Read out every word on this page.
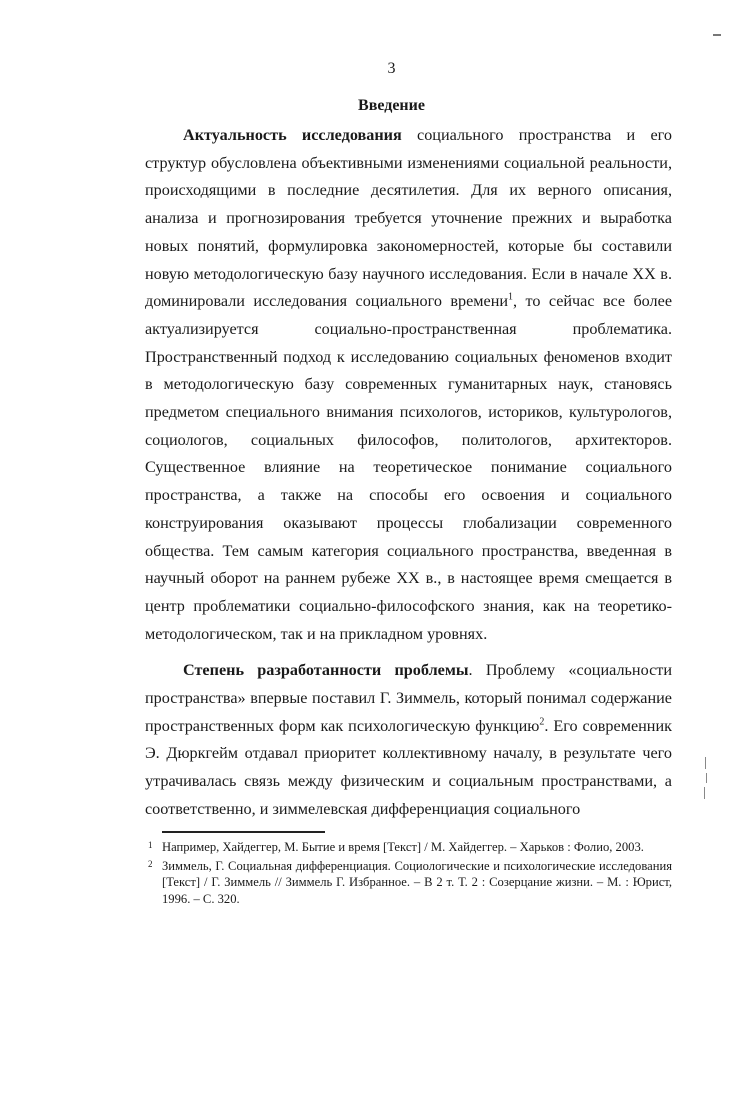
3
Введение

Актуальность исследования социального пространства и его структур обусловлена объективными изменениями социальной реальности, происходящими в последние десятилетия. Для их верного описания, анализа и прогнозирования требуется уточнение прежних и выработка новых понятий, формулировка закономерностей, которые бы составили новую методологическую базу научного исследования. Если в начале XX в. доминировали исследования социального времени$^1$, то сейчас все более актуализируется социально-пространственная проблематика. Пространственный подход к исследованию социальных феноменов входит в методологическую базу современных гуманитарных наук, становясь предметом специального внимания психологов, историков, культурологов, социологов, социальных философов, политологов, архитекторов. Существенное влияние на теоретическое понимание социального пространства, а также на способы его освоения и социального конструирования оказывают процессы глобализации современного общества. Тем самым категория социального пространства, введенная в научный оборот на раннем рубеже XX в., в настоящее время смещается в центр проблематики социально-философского знания, как на теоретико-методологическом, так и на прикладном уровнях.

Степень разработанности проблемы. Проблему «социальности пространства» впервые поставил Г. Зиммель, который понимал содержание пространственных форм как психологическую функцию$^2$. Его современник Э. Дюркгейм отдавал приоритет коллективному началу, в результате чего утрачивалась связь между физическим и социальным пространствами, а соответственно, и зиммелевская дифференциация социального

1 Например, Хайдеггер, М. Бытие и время [Текст] / М. Хайдеггер. – Харьков : Фолио, 2003.
2 Зиммель, Г. Социальная дифференциация. Социологические и психологические исследования [Текст] / Г. Зиммель // Зиммель Г. Избранное. – В 2 т. Т. 2 : Созерцание жизни. – М. : Юрист, 1996. – С. 320.
